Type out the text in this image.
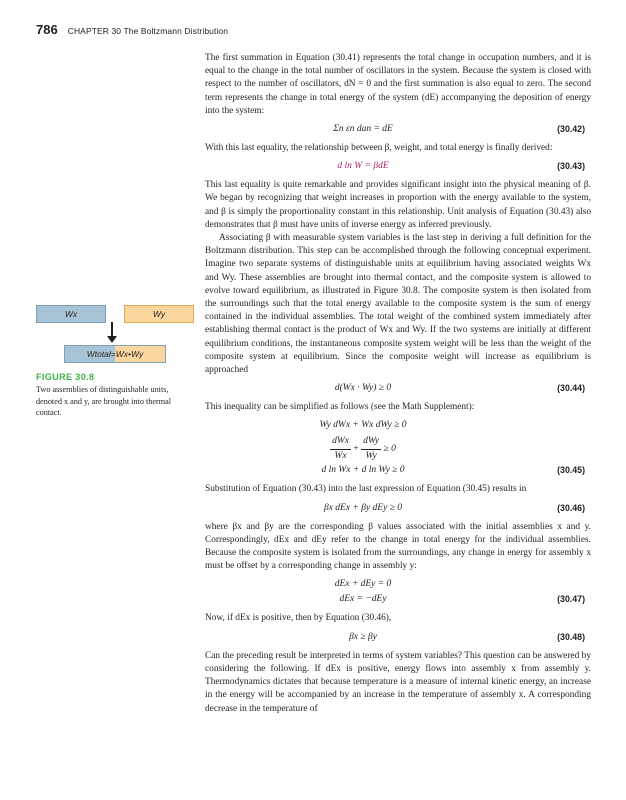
786 CHAPTER 30 The Boltzmann Distribution
Wx	Wy
Wtotal=Wx•Wy
FIGURE 30.8
Two assemblies of distinguishable units, denoted x and y, are brought into thermal contact.

The first summation in Equation (30.41) represents the total change in occupation numbers, and it is equal to the change in the total number of oscillators in the system. Because the system is closed with respect to the number of oscillators, dN = 0 and the first summation is also equal to zero. The second term represents the change in total energy of the system (dE) accompanying the deposition of energy into the system:

Σn εn dan = dE	(30.42)

With this last equality, the relationship between β, weight, and total energy is finally derived:

d ln W = βdE	(30.43)

This last equality is quite remarkable and provides significant insight into the physical meaning of β. We began by recognizing that weight increases in proportion with the energy available to the system, and β is simply the proportionality constant in this relationship. Unit analysis of Equation (30.43) also demonstrates that β must have units of inverse energy as inferred previously.

Associating β with measurable system variables is the last step in deriving a full definition for the Boltzmann distribution. This step can be accomplished through the following conceptual experiment. Imagine two separate systems of distinguishable units at equilibrium having associated weights Wx and Wy. These assemblies are brought into thermal contact, and the composite system is allowed to evolve toward equilibrium, as illustrated in Figure 30.8. The composite system is then isolated from the surroundings such that the total energy available to the composite system is the sum of energy contained in the individual assemblies. The total weight of the combined system immediately after establishing thermal contact is the product of Wx and Wy. If the two systems are initially at different equilibrium conditions, the instantaneous composite system weight will be less than the weight of the composite system at equilibrium. Since the composite weight will increase as equilibrium is approached

d(Wx · Wy) ≥ 0	(30.44)

This inequality can be simplified as follows (see the Math Supplement):

Wy dWx + Wx dWy ≥ 0
$\frac{\text{dWx}}{Wx} + \frac{\text{dWy}}{Wy} \ge 0$
d ln Wx + d ln Wy ≥ 0	(30.45)

Substitution of Equation (30.43) into the last expression of Equation (30.45) results in

βx dEx + βy dEy ≥ 0	(30.46)

where βx and βy are the corresponding β values associated with the initial assemblies x and y. Correspondingly, dEx and dEy refer to the change in total energy for the individual assemblies. Because the composite system is isolated from the surroundings, any change in energy for assembly x must be offset by a corresponding change in assembly y:

dEx + dEy = 0
dEx = −dEy	(30.47)

Now, if dEx is positive, then by Equation (30.46),

βx ≥ βy	(30.48)

Can the preceding result be interpreted in terms of system variables? This question can be answered by considering the following. If dEx is positive, energy flows into assembly x from assembly y. Thermodynamics dictates that because temperature is a measure of internal kinetic energy, an increase in the energy will be accompanied by an increase in the temperature of assembly x. A corresponding decrease in the temperature of
